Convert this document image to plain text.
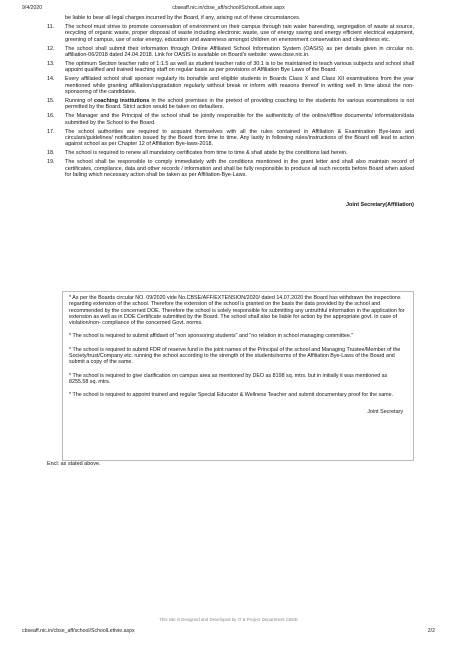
9/4/2020	cbseaff.nic.in/cbse_aff/school/SchoolLettvie.aspx
be liable to bear all legal charges incurred by the Board, if any, arising out of these circumstances.
11.	The school must strive to promote conservation of environment on their campus through rain water harvesting, segregation of waste at source, recycling of organic waste, proper disposal of waste including electronic waste, use of energy saving and energy efficient electrical equipment, greening of campus, use of solar energy, education and awareness amongst children on environment conservation and cleanliness etc.
12.	The school shall submit their information through Online Affiliated School Information System (OASIS) as per details given in circular no. affiliation-06/2018 dated 24.04.2018. Link for OASIS is available on Board’s website: www.cbse.nic.in.
13.	The optimum Section teacher ratio of 1:1.5 as well as student teacher ratio of 30:1 is to be maintained to teach various subjects and school shall appoint qualified and trained teaching staff on regular basis as per provisions of Affiliation Bye Laws of the Board.
14.	Every affiliated school shall sponsor regularly its bonafide and eligible students in Boards Class X and Class XII examinations from the year mentioned while granting affiliation/upgradation regularly without break or inform with reasons thereof in writing well in time about the non-sponsoring of the candidates.
15.	Running of coaching institutions in the school premises in the pretext of providing coaching to the students for various examinations is not permitted by the Board. Strict action would be taken on defaulters.
16.	The Manager and the Principal of the school shall be jointly responsible for the authenticity of the online/offline documents/ information/data submitted by the School to the Board.
17.	The school authorities are required to acquaint themselves with all the rules contained in Affiliation & Examination Bye-laws and circulars/guidelines/ notification issued by the Board from time to time. Any laxity in following rules/instructions of the Board will lead to action against school as per Chapter 12 of Affiliation Bye-laws-2018.
18.	The school is required to renew all mandatory certificates from time to time & shall abide by the conditions laid herein.
19.	The school shall be responsible to comply immediately with the conditions mentioned in the grant letter and shall also maintain record of certificates, compliance, data and other records / information and shall be fully responsible to produce all such records before Board when asked for failing which necessary action shall be taken as per Affiliation-Bye-Laws.
Joint Secretary(Affiliation)
* As per the Boards circular NO. 09/2020 vide No.CBSE/AFF/EXTENSION/2020/ dated 14.07.2020 the Board has withdrawn the inspections regarding extension of the school. Therefore the extension of the school is granted on the basis the data provided by the school and recommended by the concerned DOE. Therefore the school is solely responsible for submitting any untruthful information in the application for extension as well as in DOE Certificate submitted by the Board. The school shall also be liable for action by the appropriate govt. in case of violation/non- compliance of the concerned Govt. norms.
* The school is required to submit affidavit of "non sponsoring students" and "no relation in school managing committee."
* The school is required to submit FDR of reserve fund in the joint names of the Principal of the school and Managing Trustee/Member of the Society/trust/Company etc. running the school according to the strength of the students/norms of the Affiliation Bye-Laws of the Board and submit a copy of the same.
* The school is required to give clarification on campus area as mentioned by DEO as 8198 sq. mtrs. but in initially it was mentioned as 8255.58 sq. mtrs.
* The school is required to appoint trained and regular Special Educator & Wellness Teacher and submit documentary proof for the same.
Joint Secretary
Encl: as stated above.
This site is Designed and Developed by IT & Project Department CBSE
cbseaff.nic.in/cbse_aff/school/SchoolLettvie.aspx	2/2
